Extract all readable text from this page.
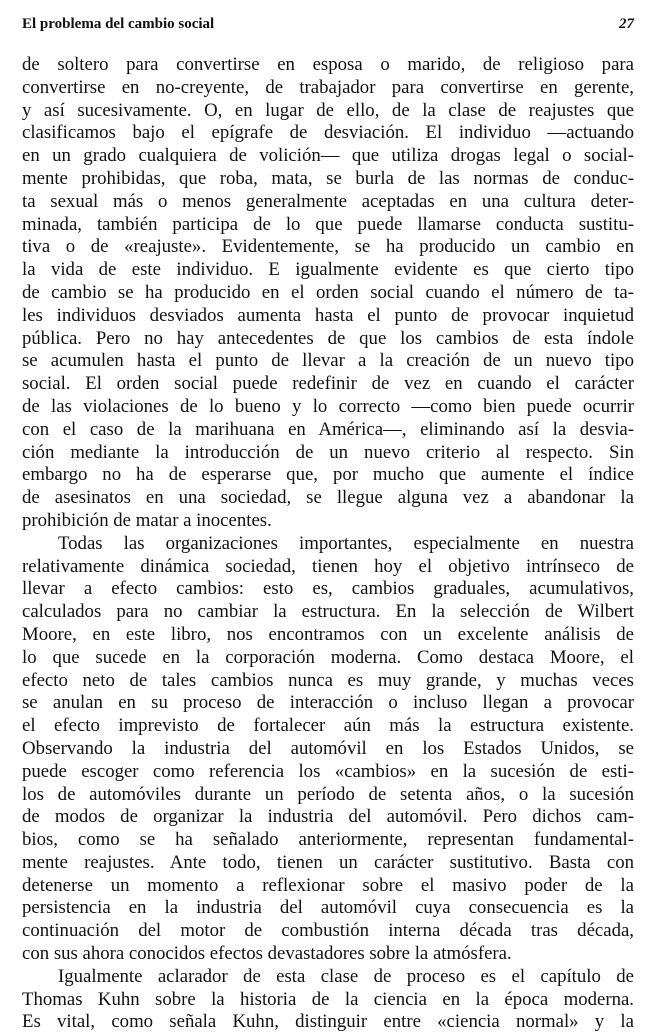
El problema del cambio social	27
de soltero para convertirse en esposa o marido, de religioso para
convertirse en no-creyente, de trabajador para convertirse en gerente,
y así sucesivamente. O, en lugar de ello, de la clase de reajustes que
clasificamos bajo el epígrafe de desviación. El individuo —actuando
en un grado cualquiera de volición— que utiliza drogas legal o social-
mente prohibidas, que roba, mata, se burla de las normas de conduc-
ta sexual más o menos generalmente aceptadas en una cultura deter-
minada, también participa de lo que puede llamarse conducta sustitu-
tiva o de «reajuste». Evidentemente, se ha producido un cambio en
la vida de este individuo. E igualmente evidente es que cierto tipo
de cambio se ha producido en el orden social cuando el número de ta-
les individuos desviados aumenta hasta el punto de provocar inquietud
pública. Pero no hay antecedentes de que los cambios de esta índole
se acumulen hasta el punto de llevar a la creación de un nuevo tipo
social. El orden social puede redefinir de vez en cuando el carácter
de las violaciones de lo bueno y lo correcto —como bien puede ocurrir
con el caso de la marihuana en América—, eliminando así la desvia-
ción mediante la introducción de un nuevo criterio al respecto. Sin
embargo no ha de esperarse que, por mucho que aumente el índice
de asesinatos en una sociedad, se llegue alguna vez a abandonar la
prohibición de matar a inocentes.
Todas las organizaciones importantes, especialmente en nuestra
relativamente dinámica sociedad, tienen hoy el objetivo intrínseco de
llevar a efecto cambios: esto es, cambios graduales, acumulativos,
calculados para no cambiar la estructura. En la selección de Wilbert
Moore, en este libro, nos encontramos con un excelente análisis de
lo que sucede en la corporación moderna. Como destaca Moore, el
efecto neto de tales cambios nunca es muy grande, y muchas veces
se anulan en su proceso de interacción o incluso llegan a provocar
el efecto imprevisto de fortalecer aún más la estructura existente.
Observando la industria del automóvil en los Estados Unidos, se
puede escoger como referencia los «cambios» en la sucesión de esti-
los de automóviles durante un período de setenta años, o la sucesión
de modos de organizar la industria del automóvil. Pero dichos cam-
bios, como se ha señalado anteriormente, representan fundamental-
mente reajustes. Ante todo, tienen un carácter sustitutivo. Basta con
detenerse un momento a reflexionar sobre el masivo poder de la
persistencia en la industria del automóvil cuya consecuencia es la
continuación del motor de combustión interna década tras década,
con sus ahora conocidos efectos devastadores sobre la atmósfera.
Igualmente aclarador de esta clase de proceso es el capítulo de
Thomas Kuhn sobre la historia de la ciencia en la época moderna.
Es vital, como señala Kuhn, distinguir entre «ciencia normal» y la
